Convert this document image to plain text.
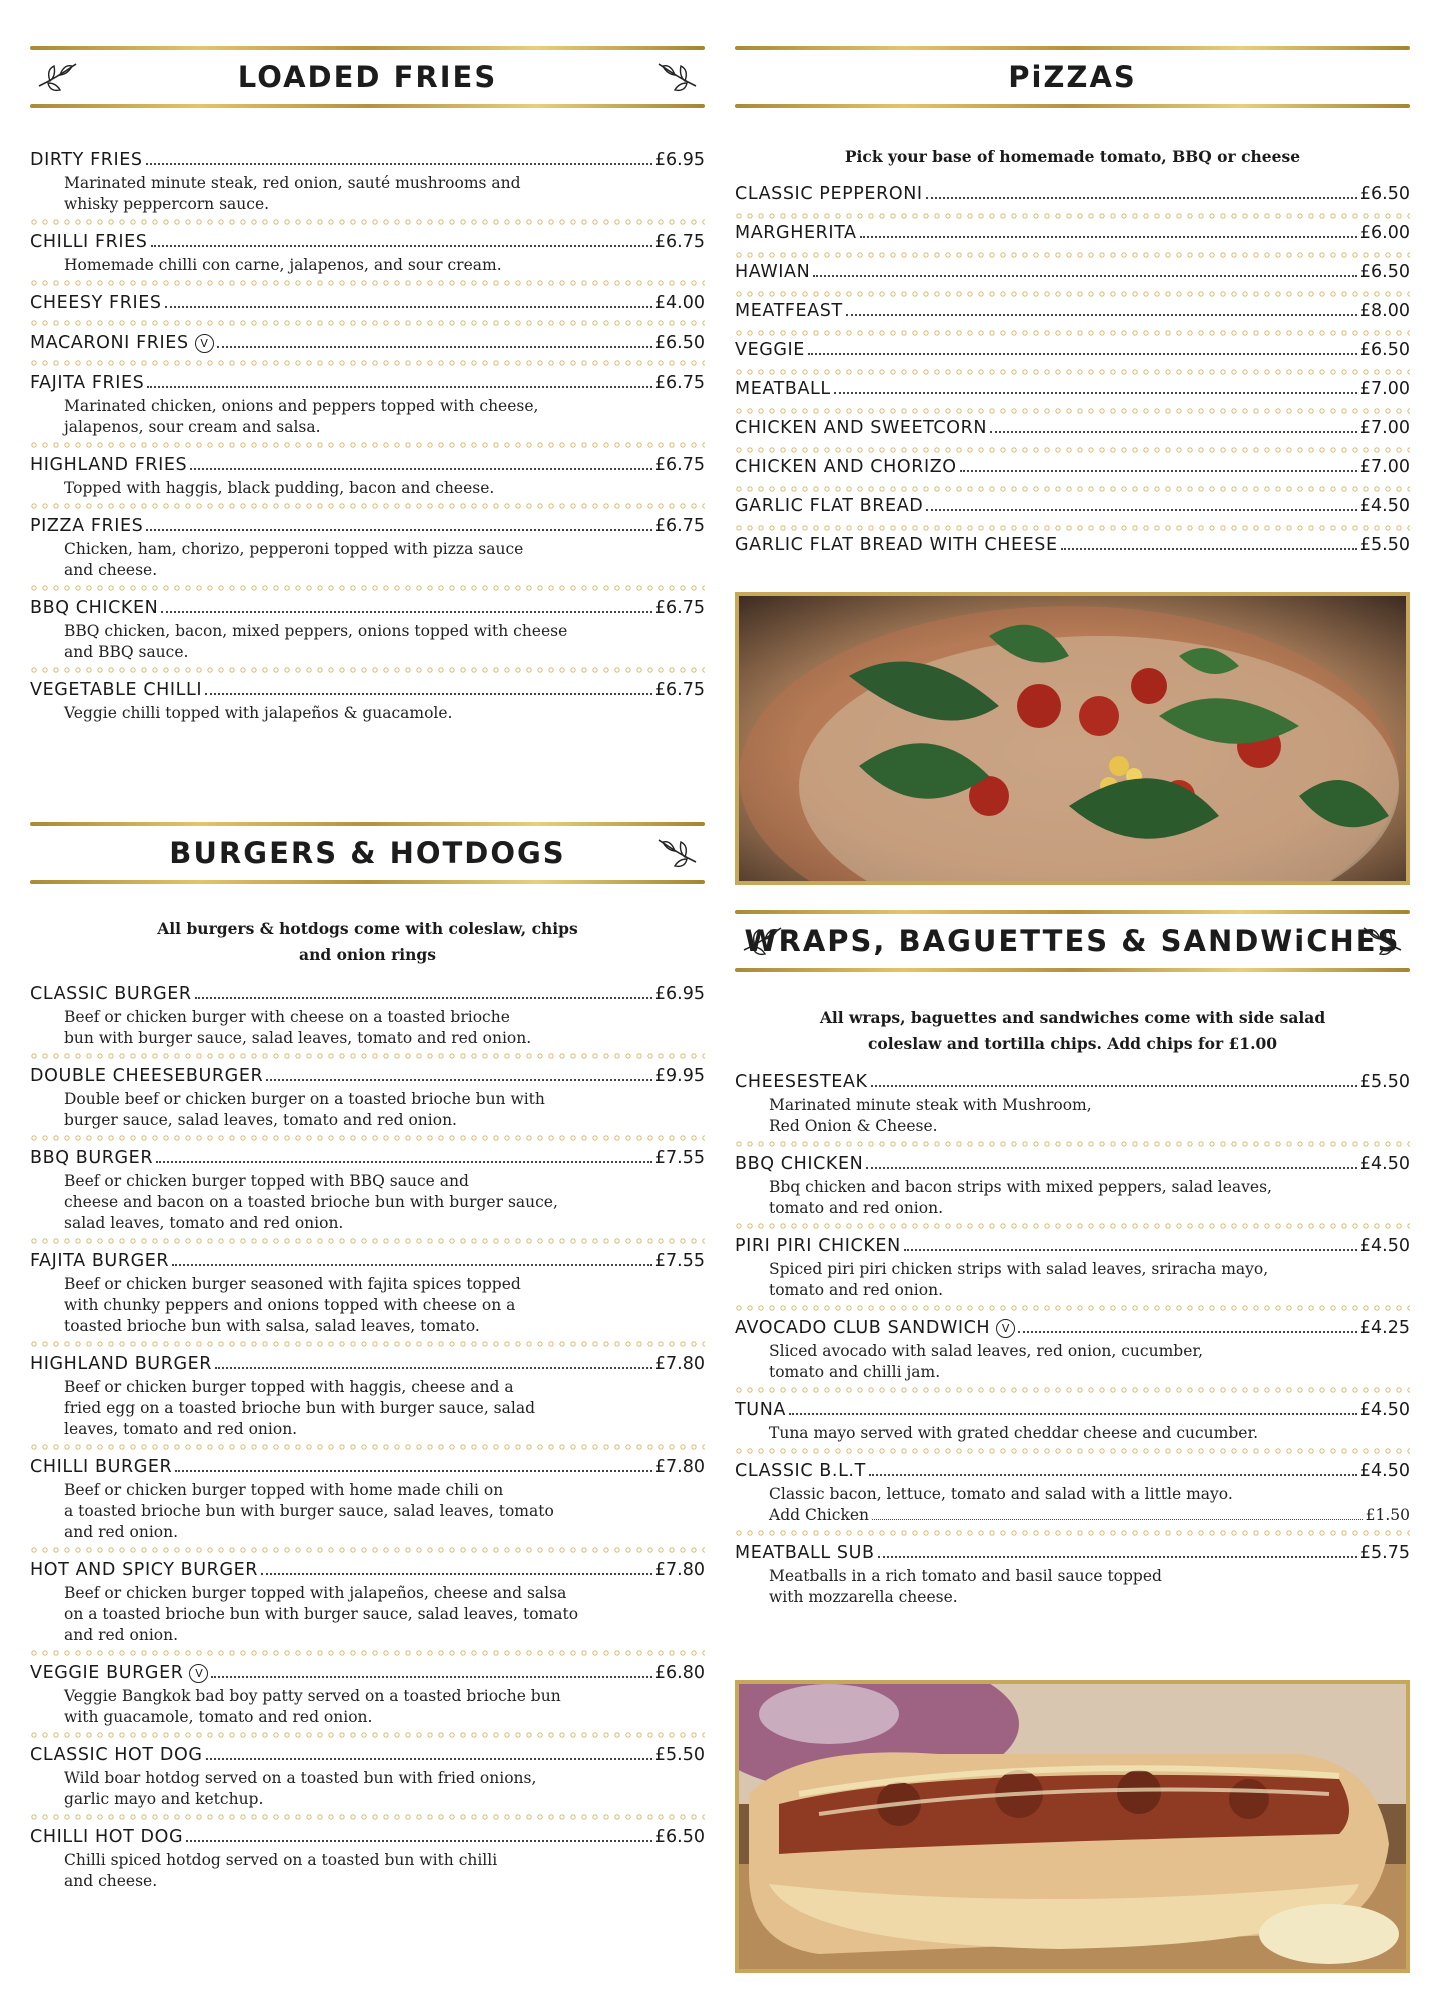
LOADED FRIES
DIRTY FRIES	£6.95
Marinated minute steak, red onion, sauté mushrooms and
whisky peppercorn sauce.
CHILLI FRIES	£6.75
Homemade chilli con carne, jalapenos, and sour cream.
CHEESY FRIES	£4.00
MACARONI FRIES V	£6.50
FAJITA FRIES	£6.75
Marinated chicken, onions and peppers topped with cheese,
jalapenos, sour cream and salsa.
HIGHLAND FRIES	£6.75
Topped with haggis, black pudding, bacon and cheese.
PIZZA FRIES	£6.75
Chicken, ham, chorizo, pepperoni topped with pizza sauce
and cheese.
BBQ CHICKEN	£6.75
BBQ chicken, bacon, mixed peppers, onions topped with cheese
and BBQ sauce.
VEGETABLE CHILLI	£6.75
Veggie chilli topped with jalapeños & guacamole.
BURGERS & HOTDOGS
All burgers & hotdogs come with coleslaw, chips
and onion rings
CLASSIC BURGER	£6.95
Beef or chicken burger with cheese on a toasted brioche
bun with burger sauce, salad leaves, tomato and red onion.
DOUBLE CHEESEBURGER	£9.95
Double beef or chicken burger on a toasted brioche bun with
burger sauce, salad leaves, tomato and red onion.
BBQ BURGER	£7.55
Beef or chicken burger topped with BBQ sauce and
cheese and bacon on a toasted brioche bun with burger sauce,
salad leaves, tomato and red onion.
FAJITA BURGER	£7.55
Beef or chicken burger seasoned with fajita spices topped
with chunky peppers and onions topped with cheese on a
toasted brioche bun with salsa, salad leaves, tomato.
HIGHLAND BURGER	£7.80
Beef or chicken burger topped with haggis, cheese and a
fried egg on a toasted brioche bun with burger sauce, salad
leaves, tomato and red onion.
CHILLI BURGER	£7.80
Beef or chicken burger topped with home made chili on
a toasted brioche bun with burger sauce, salad leaves, tomato
and red onion.
HOT AND SPICY BURGER	£7.80
Beef or chicken burger topped with jalapeños, cheese and salsa
on a toasted brioche bun with burger sauce, salad leaves, tomato
and red onion.
VEGGIE BURGER V	£6.80
Veggie Bangkok bad boy patty served on a toasted brioche bun
with guacamole, tomato and red onion.
CLASSIC HOT DOG	£5.50
Wild boar hotdog served on a toasted bun with fried onions,
garlic mayo and ketchup.
CHILLI HOT DOG	£6.50
Chilli spiced hotdog served on a toasted bun with chilli
and cheese.
PiZZAS
Pick your base of homemade tomato, BBQ or cheese
CLASSIC PEPPERONI	£6.50
MARGHERITA	£6.00
HAWIAN	£6.50
MEATFEAST	£8.00
VEGGIE	£6.50
MEATBALL	£7.00
CHICKEN AND SWEETCORN	£7.00
CHICKEN AND CHORIZO	£7.00
GARLIC FLAT BREAD	£4.50
GARLIC FLAT BREAD WITH CHEESE	£5.50
WRAPS, BAGUETTES & SANDWiCHES
All wraps, baguettes and sandwiches come with side salad
coleslaw and tortilla chips. Add chips for £1.00
CHEESESTEAK	£5.50
Marinated minute steak with Mushroom,
Red Onion & Cheese.
BBQ CHICKEN	£4.50
Bbq chicken and bacon strips with mixed peppers, salad leaves,
tomato and red onion.
PIRI PIRI CHICKEN	£4.50
Spiced piri piri chicken strips with salad leaves, sriracha mayo,
tomato and red onion.
AVOCADO CLUB SANDWICH V	£4.25
Sliced avocado with salad leaves, red onion, cucumber,
tomato and chilli jam.
TUNA	£4.50
Tuna mayo served with grated cheddar cheese and cucumber.
CLASSIC B.L.T	£4.50
Classic bacon, lettuce, tomato and salad with a little mayo.
Add Chicken	£1.50
MEATBALL SUB	£5.75
Meatballs in a rich tomato and basil sauce topped
with mozzarella cheese.
